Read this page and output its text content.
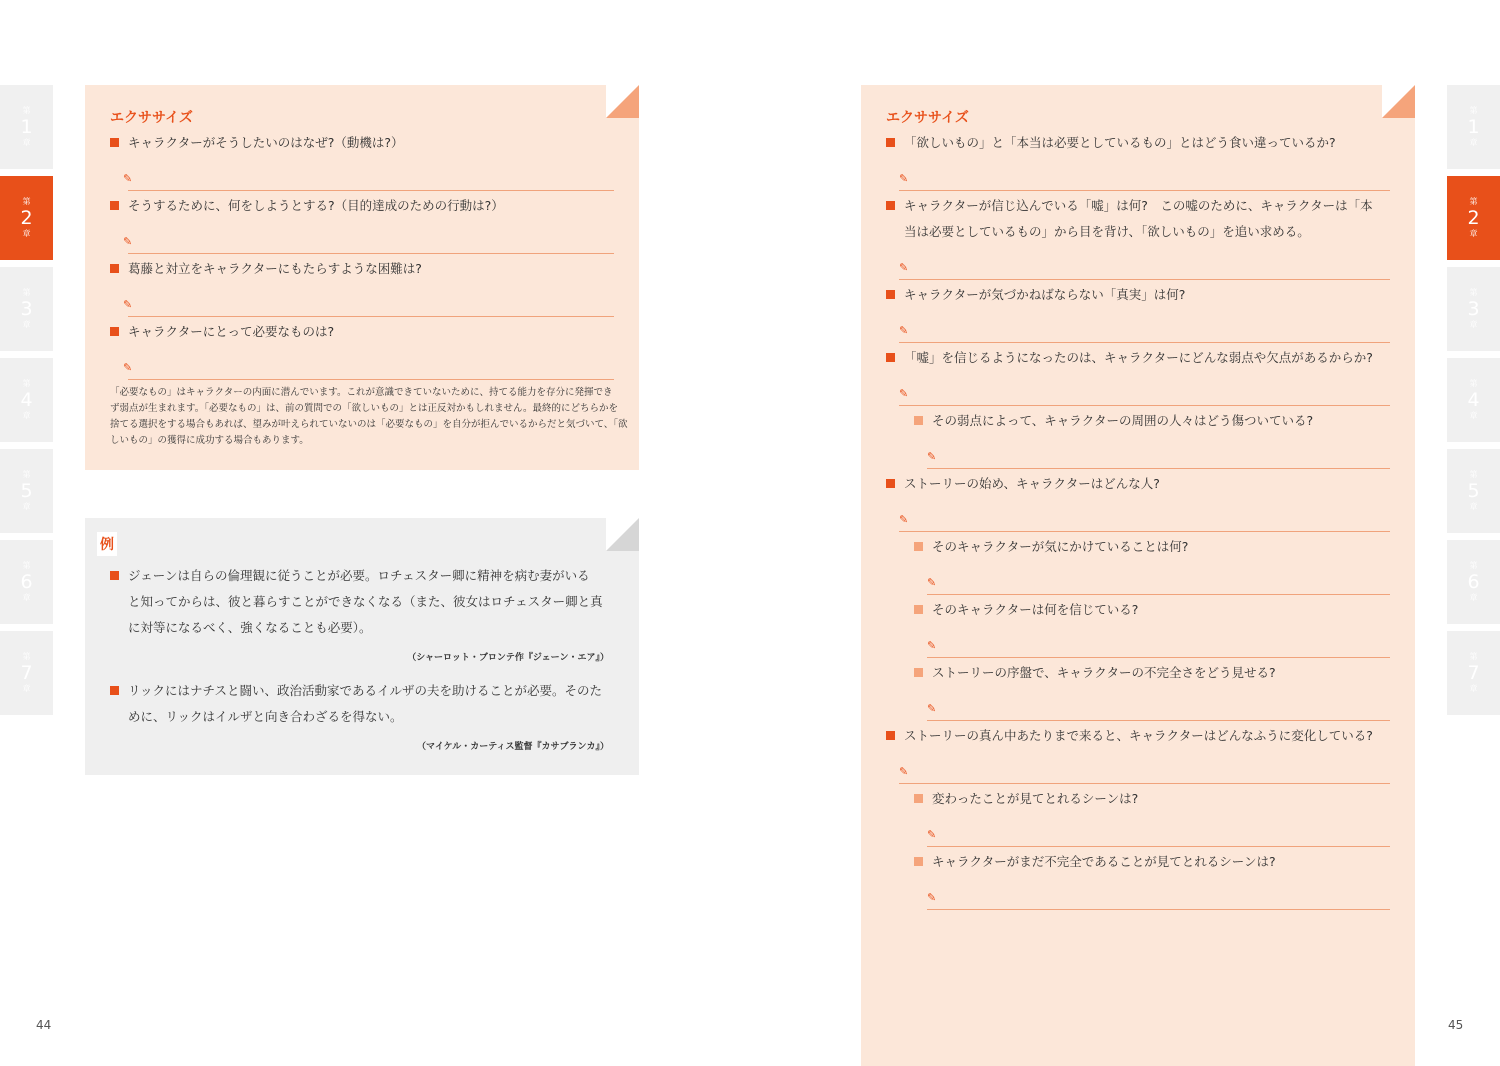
第
1
章
第
2
章
第
3
章
第
4
章
第
5
章
第
6
章
第
7
章
第
1
章
第
2
章
第
3
章
第
4
章
第
5
章
第
6
章
第
7
章
エクササイズ
キャラクターがそうしたいのはなぜ?（動機は?）
✎
そうするために、何をしようとする?（目的達成のための行動は?）
✎
葛藤と対立をキャラクターにもたらすような困難は?
✎
キャラクターにとって必要なものは?
✎
「必要なもの」はキャラクターの内面に潜んでいます。これが意識できていないために、持てる能力を存分に発揮でき
ず弱点が生まれます。「必要なもの」は、前の質問での「欲しいもの」とは正反対かもしれません。最終的にどちらかを
捨てる選択をする場合もあれば、望みが叶えられていないのは「必要なもの」を自分が拒んでいるからだと気づいて、「欲
しいもの」の獲得に成功する場合もあります。
例
ジェーンは自らの倫理観に従うことが必要。ロチェスター卿に精神を病む妻がいる
と知ってからは、彼と暮らすことができなくなる（また、彼女はロチェスター卿と真
に対等になるべく、強くなることも必要）。
（シャーロット・ブロンテ作『ジェーン・エア』）
リックにはナチスと闘い、政治活動家であるイルザの夫を助けることが必要。そのた
めに、リックはイルザと向き合わざるを得ない。
（マイケル・カーティス監督『カサブランカ』）
44
エクササイズ
「欲しいもの」と「本当は必要としているもの」とはどう食い違っているか?
✎
キャラクターが信じ込んでいる「嘘」は何?　この嘘のために、キャラクターは「本
当は必要としているもの」から目を背け、「欲しいもの」を追い求める。
✎
キャラクターが気づかねばならない「真実」は何?
✎
「嘘」を信じるようになったのは、キャラクターにどんな弱点や欠点があるからか?
✎
その弱点によって、キャラクターの周囲の人々はどう傷ついている?
✎
ストーリーの始め、キャラクターはどんな人?
✎
そのキャラクターが気にかけていることは何?
✎
そのキャラクターは何を信じている?
✎
ストーリーの序盤で、キャラクターの不完全さをどう見せる?
✎
ストーリーの真ん中あたりまで来ると、キャラクターはどんなふうに変化している?
✎
変わったことが見てとれるシーンは?
✎
キャラクターがまだ不完全であることが見てとれるシーンは?
✎
45
